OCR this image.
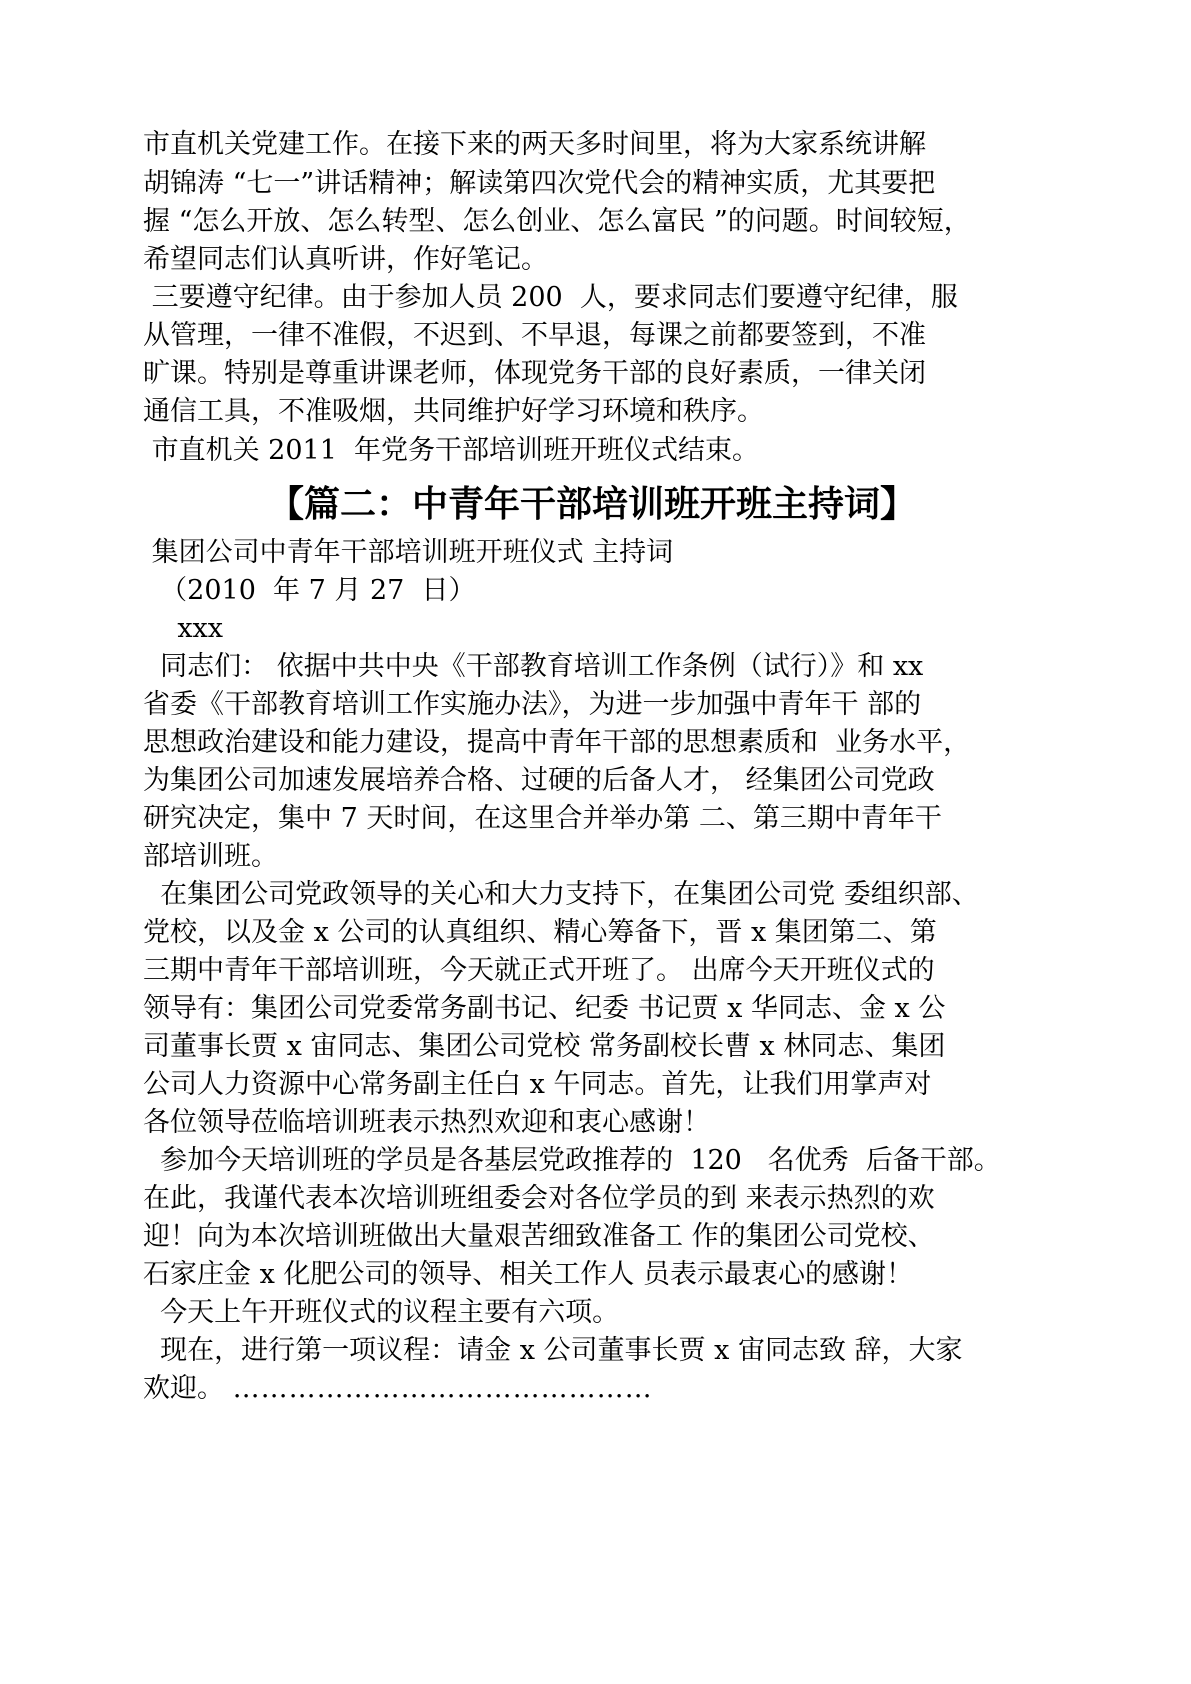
市直机关党建工作。在接下来的两天多时间里，将为大家系统讲解

胡锦涛 “七一”讲话精神；解读第四次党代会的精神实质，尤其要把

握 “怎么开放、怎么转型、怎么创业、怎么富民 ”的问题。时间较短，

希望同志们认真听讲，作好笔记。

三要遵守纪律。由于参加人员 200  人，要求同志们要遵守纪律，服

从管理，一律不准假，不迟到、不早退，每课之前都要签到，不准

旷课。特别是尊重讲课老师，体现党务干部的良好素质，一律关闭

通信工具，不准吸烟，共同维护好学习环境和秩序。

市直机关 2011  年党务干部培训班开班仪式结束。

【篇二：中青年干部培训班开班主持词】

集团公司中青年干部培训班开班仪式 主持词

（2010  年 7 月 27  日）

xxx

同志们： 依据中共中央《干部教育培训工作条例（试行）》和 xx

省委《干部教育培训工作实施办法》，为进一步加强中青年干 部的

思想政治建设和能力建设，提高中青年干部的思想素质和  业务水平，

为集团公司加速发展培养合格、过硬的后备人才， 经集团公司党政

研究决定，集中 7 天时间，在这里合并举办第 二、第三期中青年干

部培训班。

在集团公司党政领导的关心和大力支持下，在集团公司党 委组织部、

党校，以及金 x 公司的认真组织、精心筹备下，晋 x 集团第二、第

三期中青年干部培训班，今天就正式开班了。 出席今天开班仪式的

领导有：集团公司党委常务副书记、纪委 书记贾 x 华同志、金 x 公

司董事长贾 x 宙同志、集团公司党校 常务副校长曹 x 林同志、集团

公司人力资源中心常务副主任白 x 午同志。首先，让我们用掌声对

各位领导莅临培训班表示热烈欢迎和衷心感谢！

参加今天培训班的学员是各基层党政推荐的  120   名优秀  后备干部。

在此，我谨代表本次培训班组委会对各位学员的到 来表示热烈的欢

迎！向为本次培训班做出大量艰苦细致准备工 作的集团公司党校、

石家庄金 x 化肥公司的领导、相关工作人 员表示最衷心的感谢！

今天上午开班仪式的议程主要有六项。

现在，进行第一项议程：请金 x 公司董事长贾 x 宙同志致 辞，大家

欢迎。 ………………………………………
